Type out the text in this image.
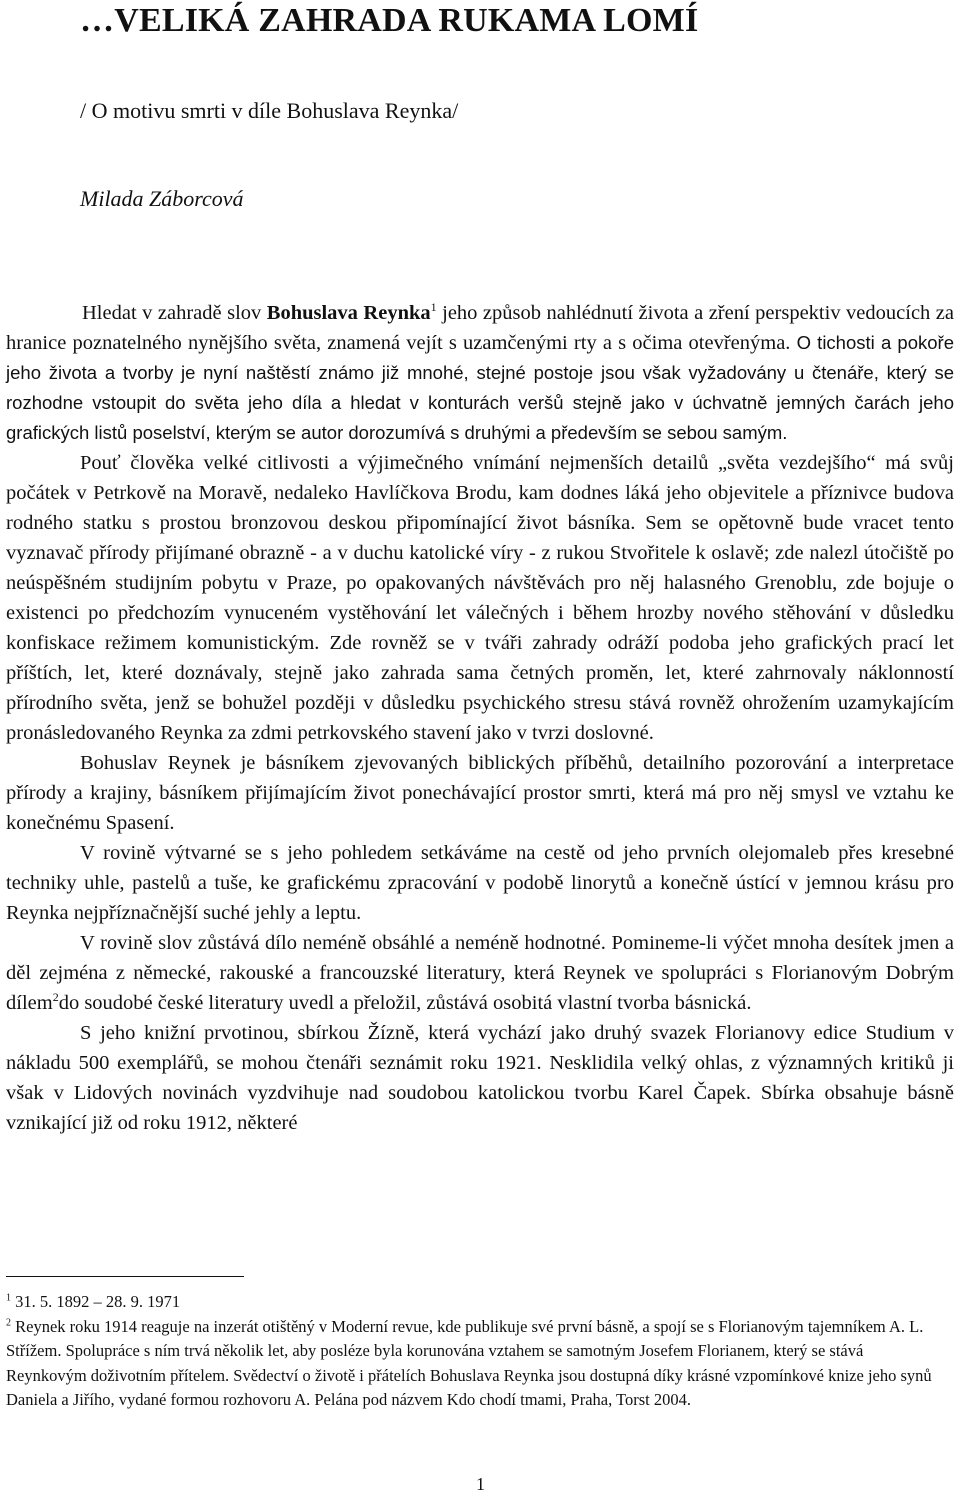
…VELIKÁ ZAHRADA RUKAMA LOMÍ
/ O motivu smrti v díle Bohuslava Reynka/
Milada Záborcová

Hledat v zahradě slov Bohuslava Reynka$^1$ jeho způsob nahlédnutí života a zření perspektiv vedoucích za hranice poznatelného nynějšího světa, znamená vejít s uzamčenými rty a s očima otevřenýma. O tichosti a pokoře jeho života a tvorby je nyní naštěstí známo již mnohé, stejné postoje jsou však vyžadovány u čtenáře, který se rozhodne vstoupit do světa jeho díla a hledat v konturách veršů stejně jako v úchvatně jemných čarách jeho grafických listů poselství, kterým se autor dorozumívá s druhými a především se sebou samým.

Pouť člověka velké citlivosti a výjimečného vnímání nejmenších detailů „světa vezdejšího“ má svůj počátek v Petrkově na Moravě, nedaleko Havlíčkova Brodu, kam dodnes láká jeho objevitele a příznivce budova rodného statku s prostou bronzovou deskou připomínající život básníka. Sem se opětovně bude vracet tento vyznavač přírody přijímané obrazně - a v duchu katolické víry - z rukou Stvořitele k oslavě; zde nalezl útočiště po neúspěšném studijním pobytu v Praze, po opakovaných návštěvách pro něj halasného Grenoblu, zde bojuje o existenci po předchozím vynuceném vystěhování let válečných i během hrozby nového stěhování v důsledku konfiskace režimem komunistickým. Zde rovněž se v tváři zahrady odráží podoba jeho grafických prací let příštích, let, které doznávaly, stejně jako zahrada sama četných proměn, let, které zahrnovaly náklonností přírodního světa, jenž se bohužel později v důsledku psychického stresu stává rovněž ohrožením uzamykajícím pronásledovaného Reynka za zdmi petrkovského stavení jako v tvrzi doslovné.

Bohuslav Reynek je básníkem zjevovaných biblických příběhů, detailního pozorování a interpretace přírody a krajiny, básníkem přijímajícím život ponechávající prostor smrti, která má pro něj smysl ve vztahu ke konečnému Spasení.

V rovině výtvarné se s jeho pohledem setkáváme na cestě od jeho prvních olejomaleb přes kresebné techniky uhle, pastelů a tuše, ke grafickému zpracování v podobě linorytů a konečně ústící v jemnou krásu pro Reynka nejpříznačnější suché jehly a leptu.

V rovině slov zůstává dílo neméně obsáhlé a neméně hodnotné. Pomineme-li výčet mnoha desítek jmen a děl zejména z německé, rakouské a francouzské literatury, která Reynek ve spolupráci s Florianovým Dobrým dílem$^2$do soudobé české literatury uvedl a přeložil, zůstává osobitá vlastní tvorba básnická.

S jeho knižní prvotinou, sbírkou Žízně, která vychází jako druhý svazek Florianovy edice Studium v nákladu 500 exemplářů, se mohou čtenáři seznámit roku 1921. Nesklidila velký ohlas, z významných kritiků ji však v Lidových novinách vyzdvihuje nad soudobou katolickou tvorbu Karel Čapek. Sbírka obsahuje básně vznikající již od roku 1912, některé

$^1$ 31. 5. 1892 – 28. 9. 1971

$^2$ Reynek roku 1914 reaguje na inzerát otištěný v Moderní revue, kde publikuje své první básně, a spojí se s Florianovým tajemníkem A. L. Střížem. Spolupráce s ním trvá několik let, aby posléze byla korunována vztahem se samotným Josefem Florianem, který se stává Reynkovým doživotním přítelem. Svědectví o životě i přátelích Bohuslava Reynka jsou dostupná díky krásné vzpomínkové knize jeho synů Daniela a Jiřího, vydané formou rozhovoru A. Pelána pod názvem Kdo chodí tmami, Praha, Torst 2004.

1
